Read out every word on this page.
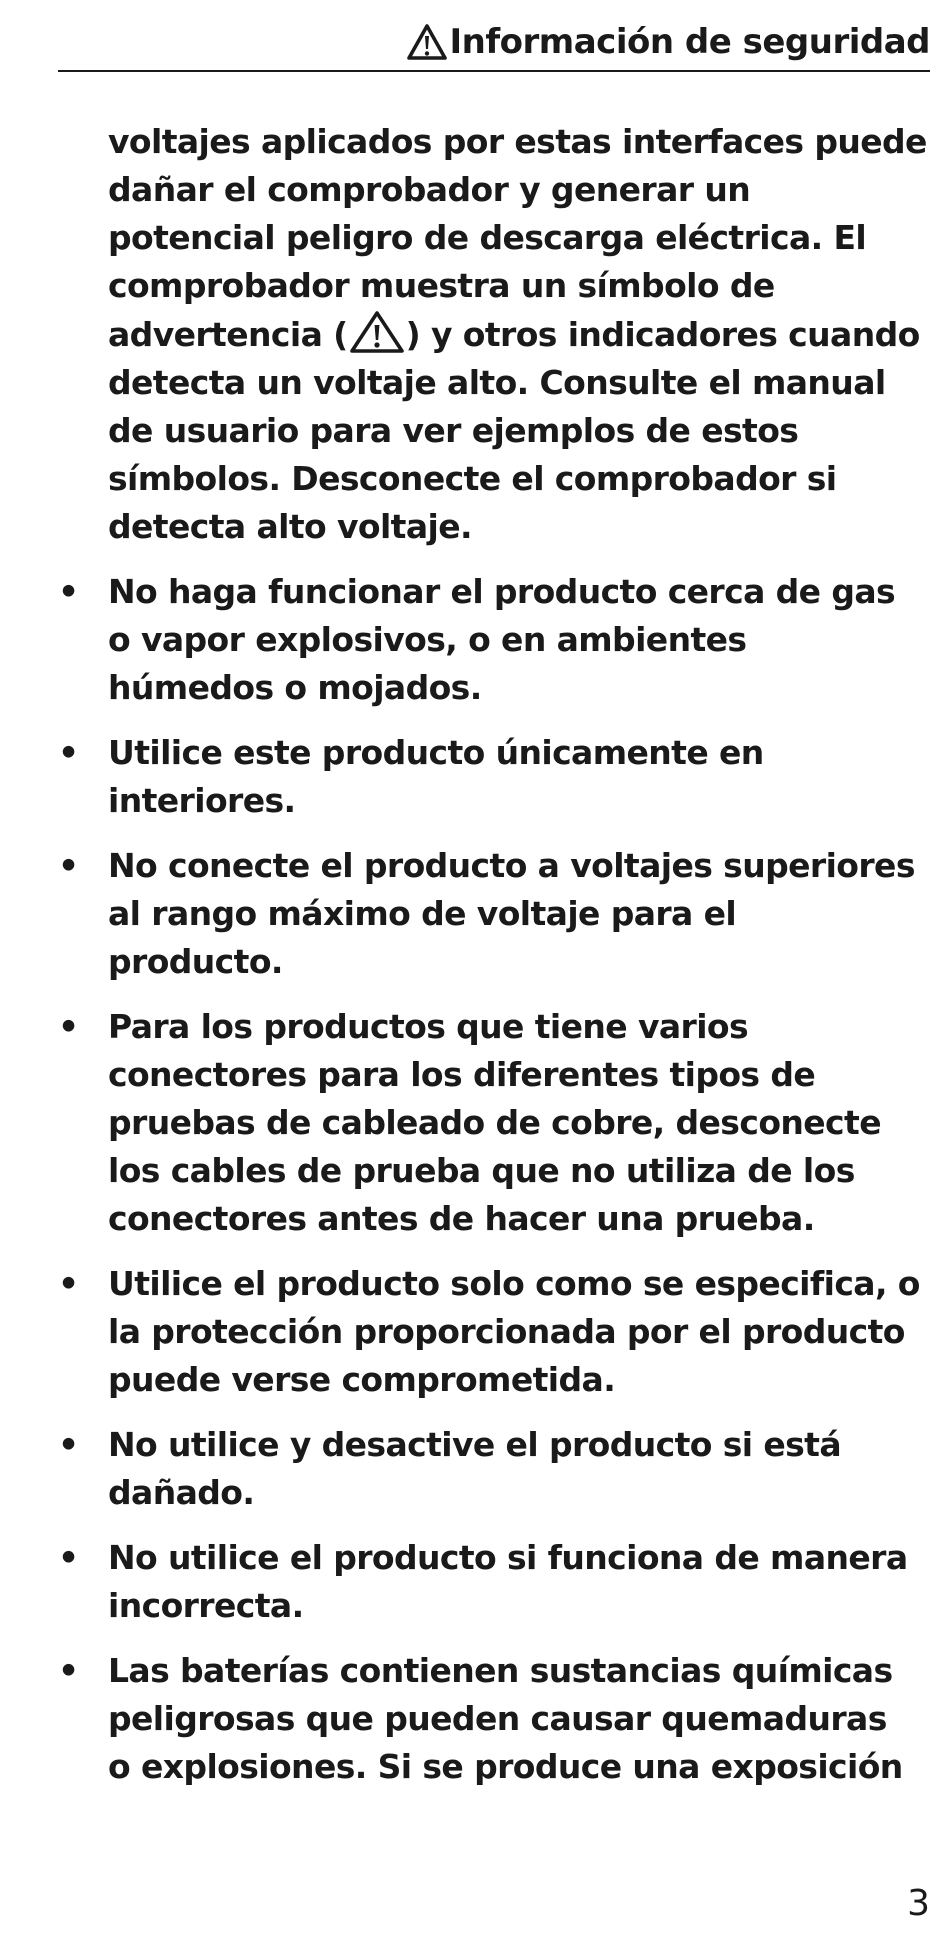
Información de seguridad
voltajes aplicados por estas interfaces puede
dañar el comprobador y generar un
potencial peligro de descarga eléctrica. El
comprobador muestra un símbolo de
advertencia ( ) y otros indicadores cuando
detecta un voltaje alto. Consulte el manual
de usuario para ver ejemplos de estos
símbolos. Desconecte el comprobador si
detecta alto voltaje.
• No haga funcionar el producto cerca de gas
o vapor explosivos, o en ambientes
húmedos o mojados.
• Utilice este producto únicamente en
interiores.
• No conecte el producto a voltajes superiores
al rango máximo de voltaje para el
producto.
• Para los productos que tiene varios
conectores para los diferentes tipos de
pruebas de cableado de cobre, desconecte
los cables de prueba que no utiliza de los
conectores antes de hacer una prueba.
• Utilice el producto solo como se especifica, o
la protección proporcionada por el producto
puede verse comprometida.
• No utilice y desactive el producto si está
dañado.
• No utilice el producto si funciona de manera
incorrecta.
• Las baterías contienen sustancias químicas
peligrosas que pueden causar quemaduras
o explosiones. Si se produce una exposición
3
